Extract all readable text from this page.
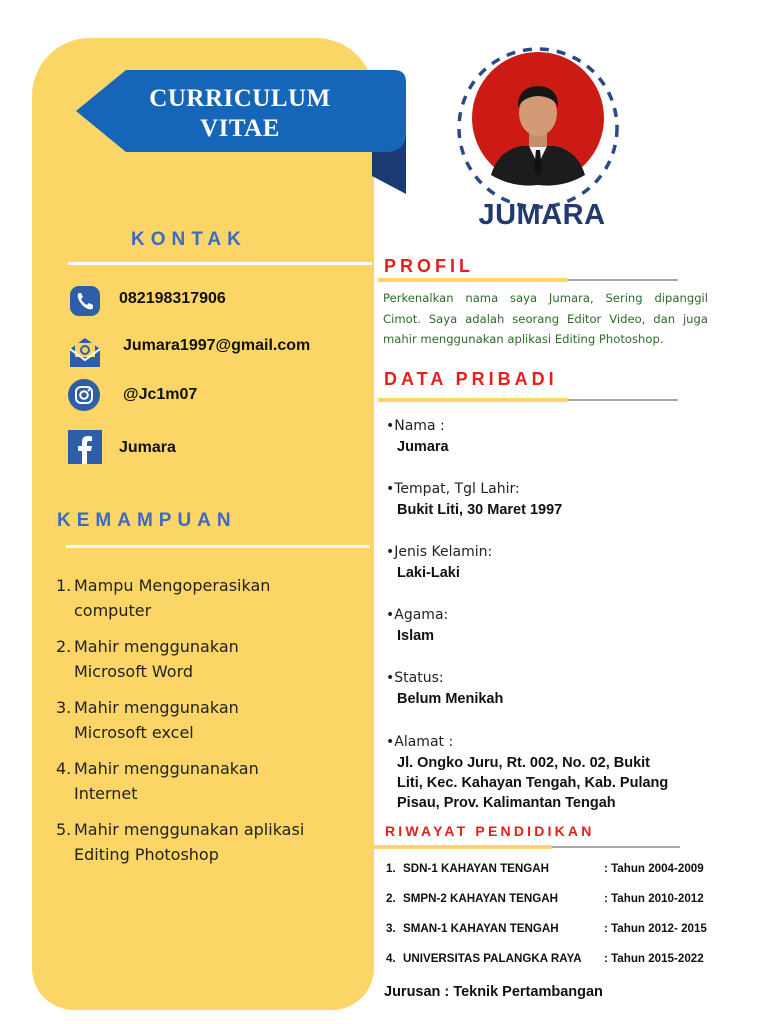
CURRICULUM
VITAE
KONTAK
082198317906
Jumara1997@gmail.com
@Jc1m07
Jumara
KEMAMPUAN
1. Mampu Mengoperasikan
computer
2. Mahir menggunakan
Microsoft Word
3. Mahir menggunakan
Microsoft excel
4. Mahir menggunanakan
Internet
5. Mahir menggunakan aplikasi
Editing Photoshop
JUMARA
PROFIL
Perkenalkan nama saya Jumara, Sering dipanggil Cimot. Saya adalah seorang Editor Video, dan juga mahir menggunakan aplikasi Editing Photoshop.
DATA PRIBADI
•Nama :
Jumara
•Tempat, Tgl Lahir:
Bukit Liti, 30 Maret 1997
•Jenis Kelamin:
Laki-Laki
•Agama:
Islam
•Status:
Belum Menikah
•Alamat :
Jl. Ongko Juru, Rt. 002, No. 02, Bukit
Liti, Kec. Kahayan Tengah, Kab. Pulang
Pisau, Prov. Kalimantan Tengah
RIWAYAT PENDIDIKAN
1. SDN-1 KAHAYAN TENGAH	: Tahun 2004-2009
2. SMPN-2 KAHAYAN TENGAH	: Tahun 2010-2012
3. SMAN-1 KAHAYAN TENGAH	: Tahun 2012- 2015
4. UNIVERSITAS PALANGKA RAYA : Tahun 2015-2022
Jurusan : Teknik Pertambangan
